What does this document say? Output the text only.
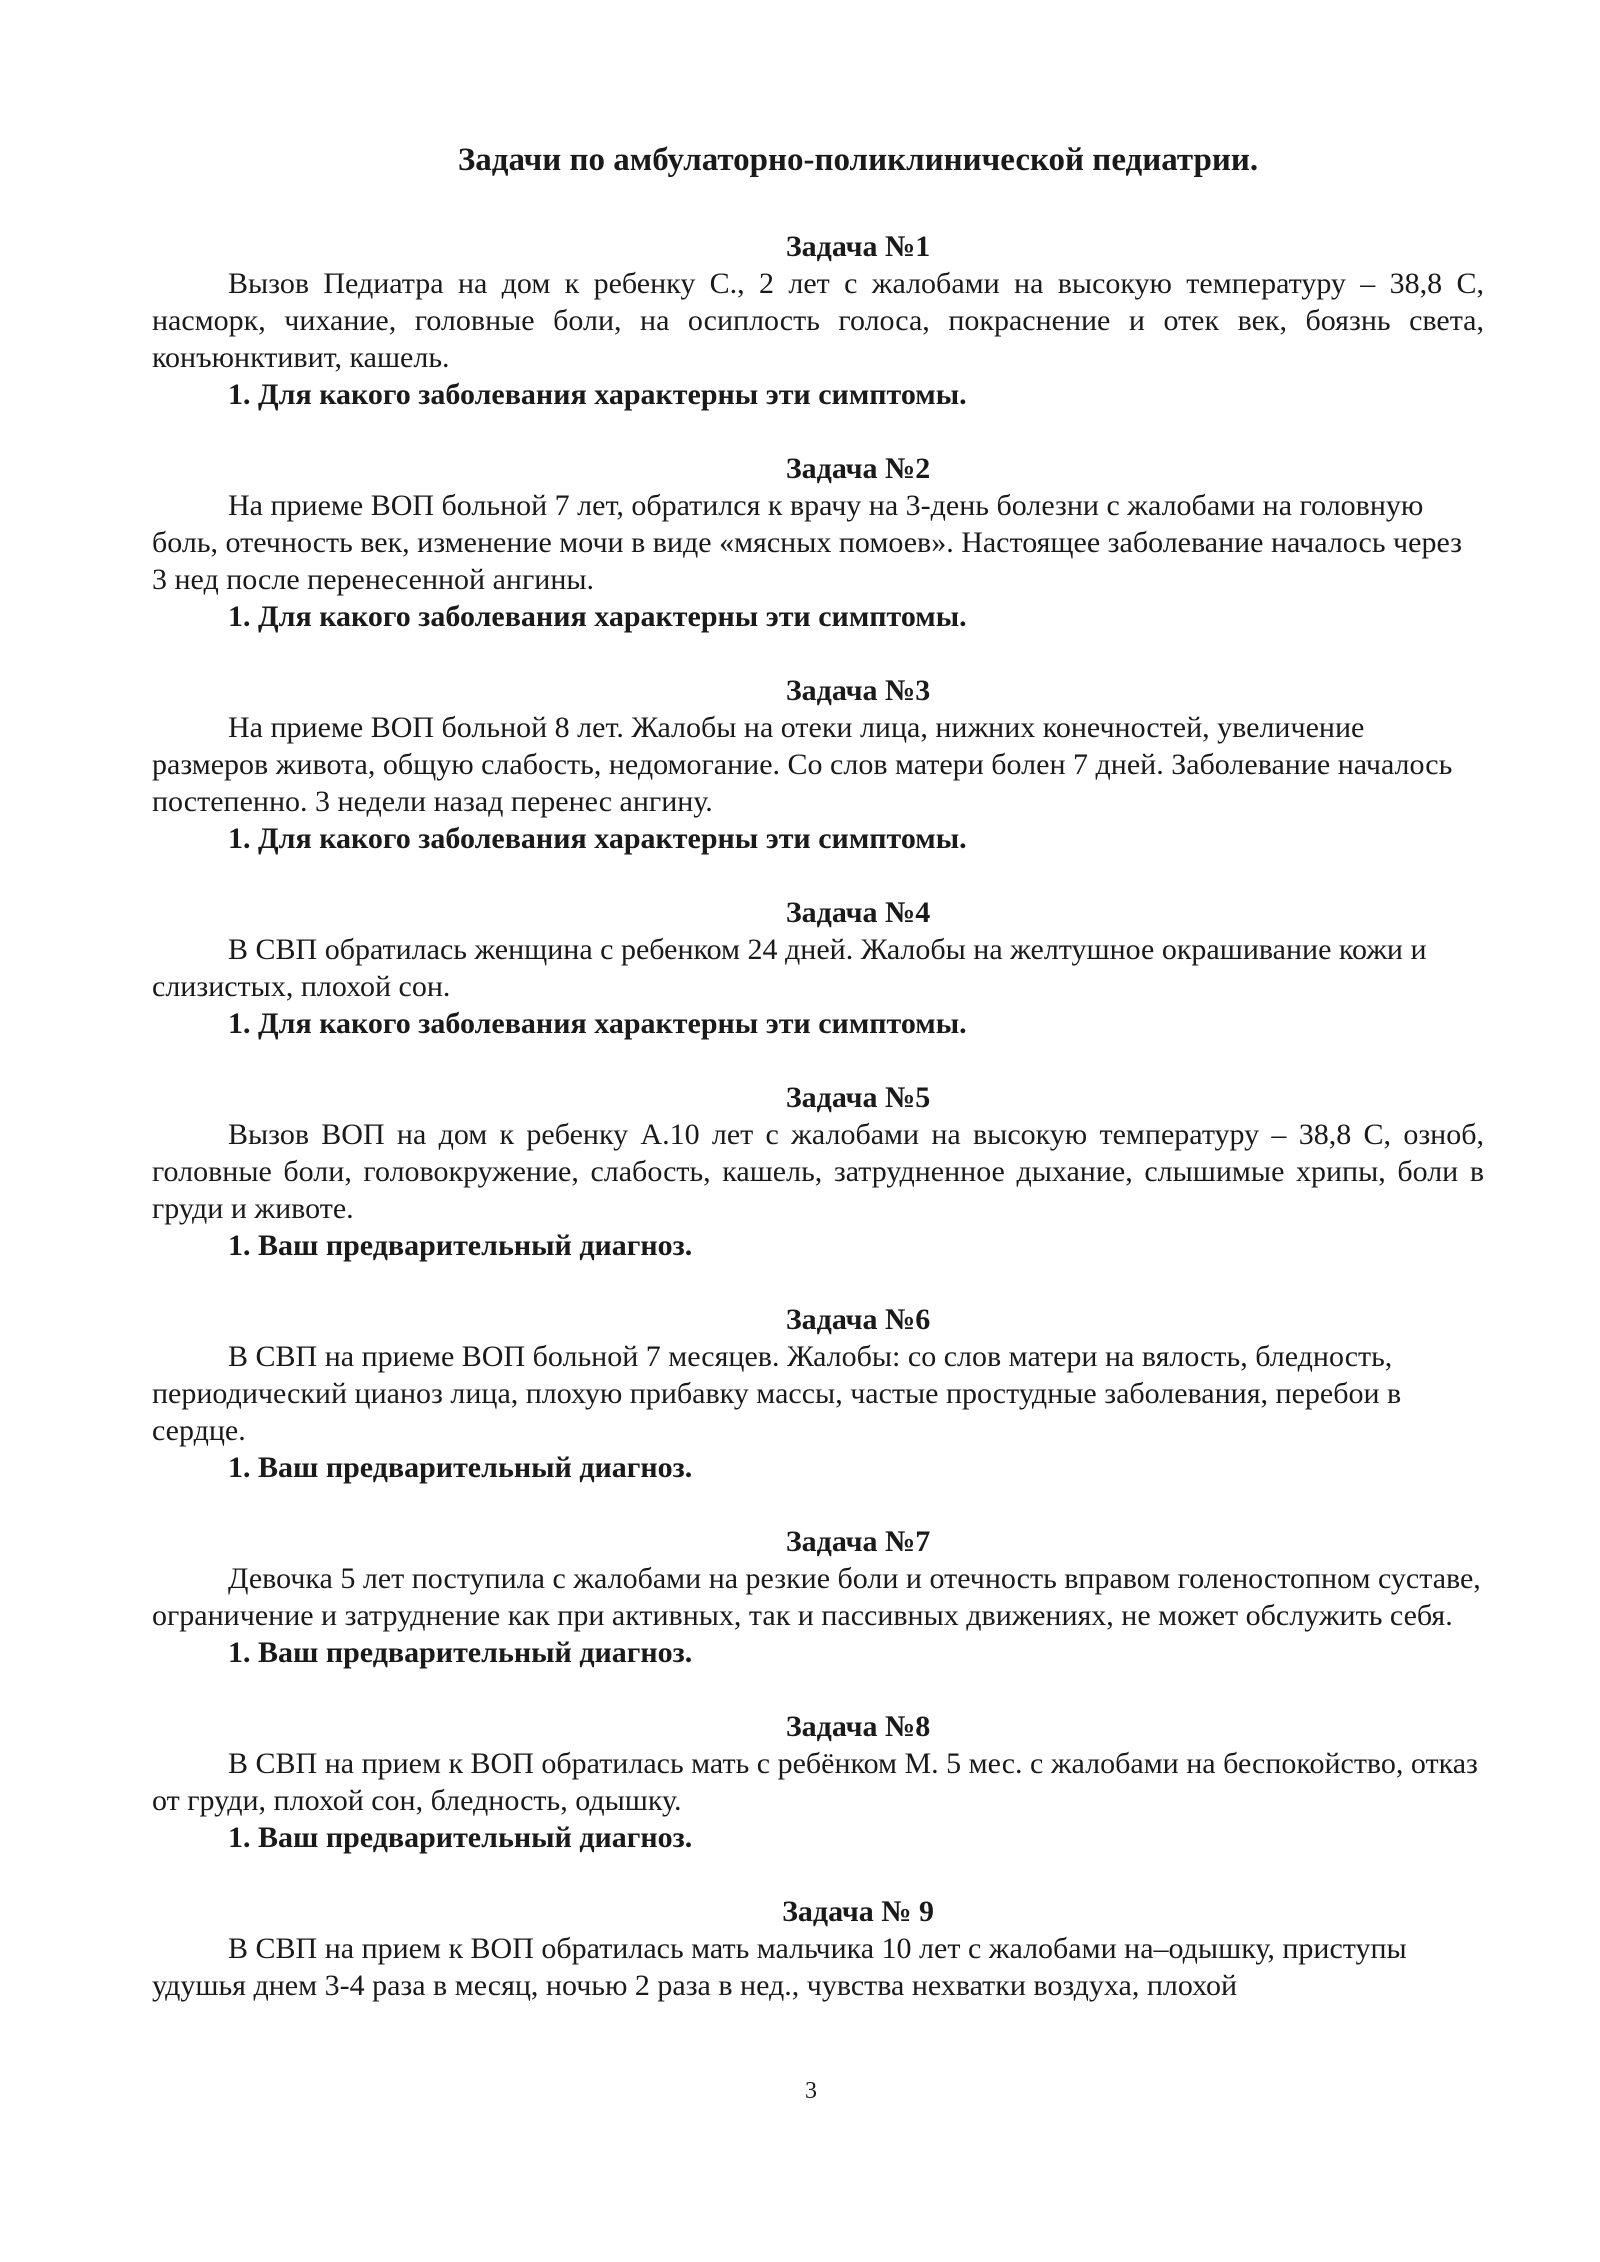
Задачи по амбулаторно-поликлинической педиатрии.

Задача №1

Вызов Педиатра на дом к ребенку С., 2 лет с жалобами на высокую температуру – 38,8 С, насморк, чихание, головные боли, на осиплость голоса, покраснение и отек век, боязнь света, конъюнктивит, кашель.

1. Для какого заболевания характерны эти симптомы.

Задача №2

На приеме ВОП больной 7 лет, обратился к врачу на 3-день болезни с жалобами на головную боль, отечность век, изменение мочи в виде «мясных помоев». Настоящее заболевание началось через 3 нед после перенесенной ангины.

1. Для какого заболевания характерны эти симптомы.

Задача №3

На приеме ВОП больной 8 лет. Жалобы на отеки лица, нижних конечностей, увеличение размеров живота, общую слабость, недомогание. Со слов матери болен 7 дней. Заболевание началось постепенно. 3 недели назад перенес ангину.

1. Для какого заболевания характерны эти симптомы.

Задача №4

В СВП обратилась женщина с ребенком 24 дней. Жалобы на желтушное окрашивание кожи и слизистых, плохой сон.

1. Для какого заболевания характерны эти симптомы.

Задача №5

Вызов ВОП на дом к ребенку А.10 лет с жалобами на высокую температуру – 38,8 С, озноб, головные боли, головокружение, слабость, кашель, затрудненное дыхание, слышимые хрипы, боли в груди и животе.

1. Ваш предварительный диагноз.

Задача №6

В СВП на приеме ВОП больной 7 месяцев. Жалобы: со слов матери на вялость, бледность, периодический цианоз лица, плохую прибавку массы, частые простудные заболевания, перебои в сердце.

1. Ваш предварительный диагноз.

Задача №7

Девочка 5 лет поступила с жалобами на резкие боли и отечность вправом голеностопном суставе, ограничение и затруднение как при активных, так и пассивных движениях, не может обслужить себя.

1. Ваш предварительный диагноз.

Задача №8

В СВП на прием к ВОП обратилась мать с ребёнком М. 5 мес. с жалобами на беспокойство, отказ от груди, плохой сон, бледность, одышку.

1. Ваш предварительный диагноз.

Задача № 9

В СВП на прием к ВОП обратилась мать мальчика 10 лет с жалобами на–одышку, приступы удушья днем 3-4 раза в месяц, ночью 2 раза в нед., чувства нехватки воздуха, плохой

3
